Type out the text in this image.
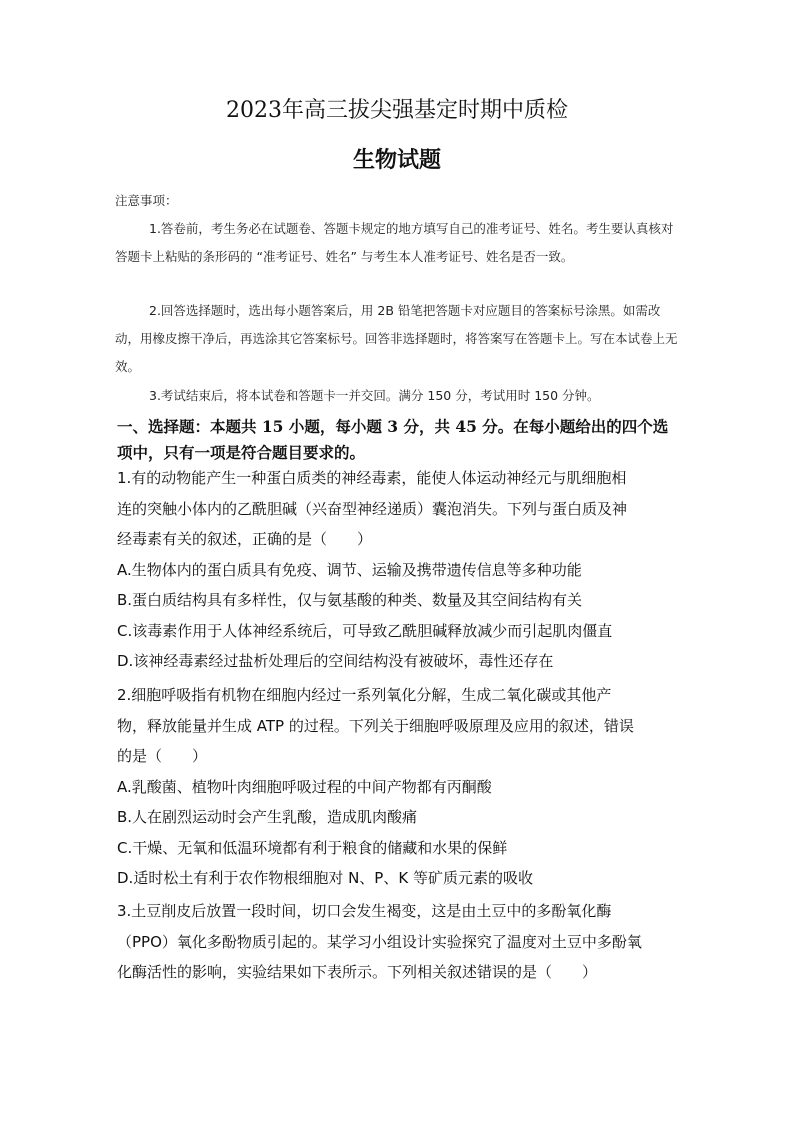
2023年高三拔尖强基定时期中质检
生物试题
注意事项：
1.答卷前，考生务必在试题卷、答题卡规定的地方填写自己的准考证号、姓名。考生要认真核对答题卡上粘贴的条形码的 “准考证号、姓名” 与考生本人准考证号、姓名是否一致。
2.回答选择题时，选出每小题答案后，用 2B 铅笔把答题卡对应题目的答案标号涂黑。如需改动，用橡皮擦干净后，再选涂其它答案标号。回答非选择题时，将答案写在答题卡上。写在本试卷上无效。
3.考试结束后，将本试卷和答题卡一并交回。满分 150 分，考试用时 150 分钟。
一、选择题：本题共 15 小题，每小题 3 分，共 45 分。在每小题给出的四个选项中，只有一项是符合题目要求的。
1.有的动物能产生一种蛋白质类的神经毒素，能使人体运动神经元与肌细胞相
连的突触小体内的乙酰胆碱（兴奋型神经递质）囊泡消失。下列与蛋白质及神
经毒素有关的叙述，正确的是（　　）
A.生物体内的蛋白质具有免疫、调节、运输及携带遗传信息等多种功能
B.蛋白质结构具有多样性，仅与氨基酸的种类、数量及其空间结构有关
C.该毒素作用于人体神经系统后，可导致乙酰胆碱释放减少而引起肌肉僵直
D.该神经毒素经过盐析处理后的空间结构没有被破坏，毒性还存在
2.细胞呼吸指有机物在细胞内经过一系列氧化分解，生成二氧化碳或其他产
物，释放能量并生成 ATP 的过程。下列关于细胞呼吸原理及应用的叙述，错误
的是（　　）
A.乳酸菌、植物叶肉细胞呼吸过程的中间产物都有丙酮酸
B.人在剧烈运动时会产生乳酸，造成肌肉酸痛
C.干燥、无氧和低温环境都有利于粮食的储藏和水果的保鲜
D.适时松土有利于农作物根细胞对 N、P、K 等矿质元素的吸收
3.土豆削皮后放置一段时间，切口会发生褐变，这是由土豆中的多酚氧化酶
（PPO）氧化多酚物质引起的。某学习小组设计实验探究了温度对土豆中多酚氧
化酶活性的影响，实验结果如下表所示。下列相关叙述错误的是（　　）
